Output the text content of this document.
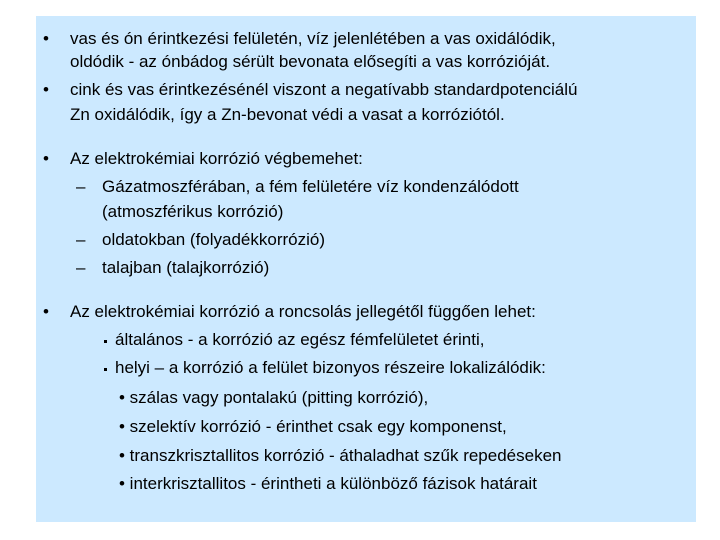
• vas és ón érintkezési felületén, víz jelenlétében a vas oxidálódik,
oldódik - az ónbádog sérült bevonata elősegíti a vas korrózióját.
• cink és vas érintkezésénél viszont a negatívabb standardpotenciálú
Zn oxidálódik, így a Zn-bevonat védi a vasat a korróziótól.
• Az elektrokémiai korrózió végbemehet:
– Gázatmoszférában, a fém felületére víz kondenzálódott
(atmoszférikus korrózió)
– oldatokban (folyadékkorrózió)
– talajban (talajkorrózió)
• Az elektrokémiai korrózió a roncsolás jellegétől függően lehet:
általános - a korrózió az egész fémfelületet érinti,
helyi – a korrózió a felület bizonyos részeire lokalizálódik:
• szálas vagy pontalakú (pitting korrózió),
• szelektív korrózió - érinthet csak egy komponenst,
• transzkrisztallitos korrózió - áthaladhat szűk repedéseken
• interkrisztallitos - érintheti a különböző fázisok határait
